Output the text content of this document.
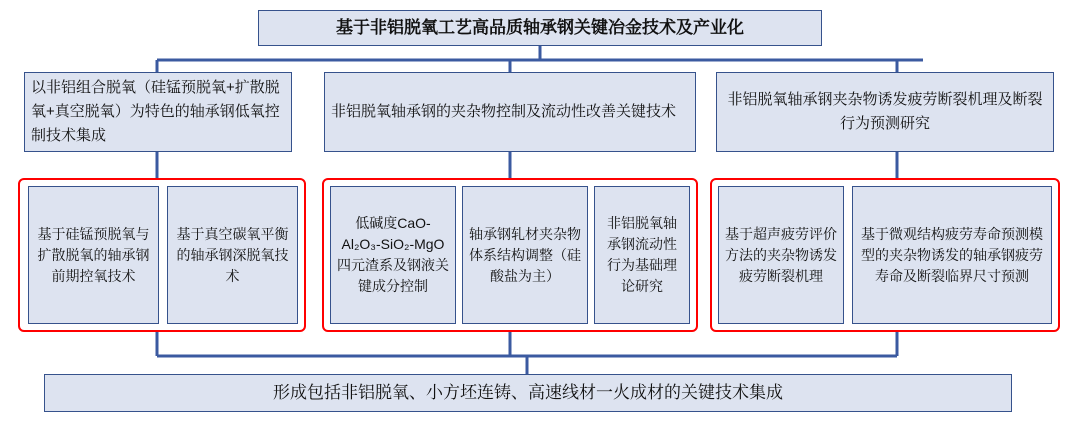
基于非铝脱氧工艺高品质轴承钢关键冶金技术及产业化
以非铝组合脱氧（硅锰预脱氧+扩散脱氧+真空脱氧）为特色的轴承钢低氧控制技术集成
非铝脱氧轴承钢的夹杂物控制及流动性改善关键技术
非铝脱氧轴承钢夹杂物诱发疲劳断裂机理及断裂行为预测研究
基于硅锰预脱氧与扩散脱氧的轴承钢前期控氧技术
基于真空碳氧平衡的轴承钢深脱氧技术
低碱度CaO-Al₂O₃-SiO₂-MgO四元渣系及钢液关键成分控制
轴承钢轧材夹杂物体系结构调整（硅酸盐为主）
非铝脱氧轴承钢流动性行为基础理论研究
基于超声疲劳评价方法的夹杂物诱发疲劳断裂机理
基于微观结构疲劳寿命预测模型的夹杂物诱发的轴承钢疲劳寿命及断裂临界尺寸预测
形成包括非铝脱氧、小方坯连铸、高速线材一火成材的关键技术集成
